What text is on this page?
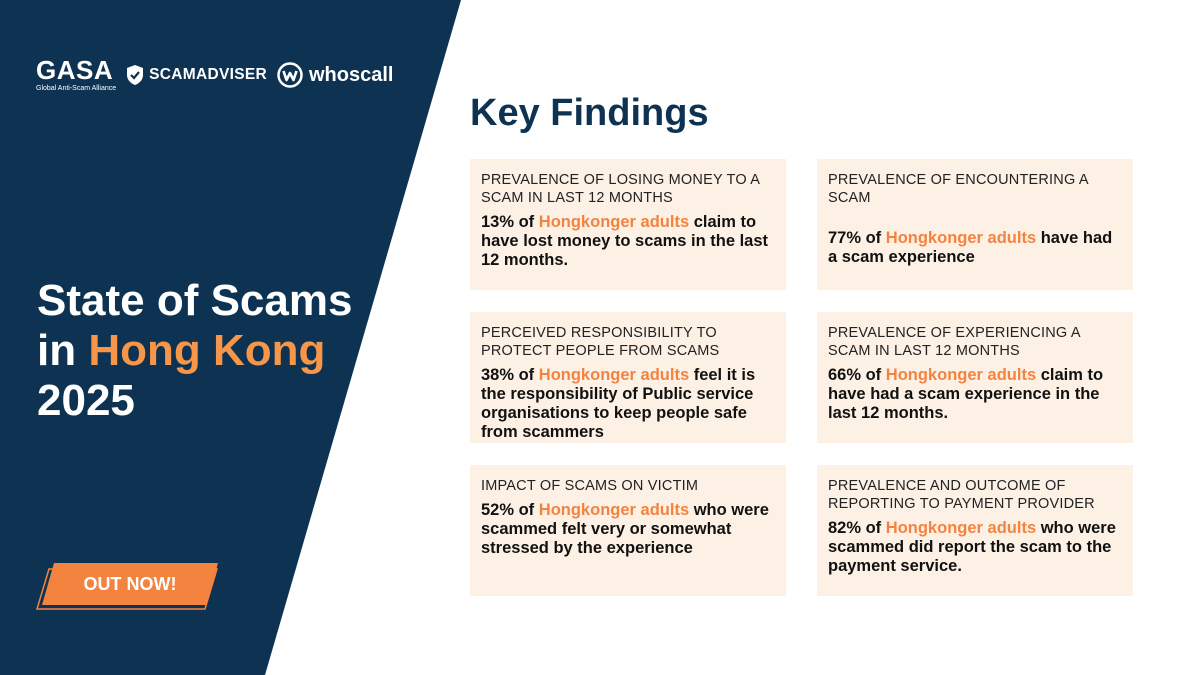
GASA
Global Anti-Scam Alliance
SCAMADVISER whoscall
State of Scams
in Hong Kong
2025
OUT NOW!
Key Findings

PREVALENCE OF LOSING MONEY TO A SCAM IN LAST 12 MONTHS

13% of Hongkonger adults claim to have lost money to scams in the last 12 months.

PREVALENCE OF ENCOUNTERING A SCAM

77% of Hongkonger adults have had a scam experience

PERCEIVED RESPONSIBILITY TO PROTECT PEOPLE FROM SCAMS

38% of Hongkonger adults feel it is the responsibility of Public service organisations to keep people safe from scammers

PREVALENCE OF EXPERIENCING A SCAM IN LAST 12 MONTHS

66% of Hongkonger adults claim to have had a scam experience in the last 12 months.

IMPACT OF SCAMS ON VICTIM

52% of Hongkonger adults who were scammed felt very or somewhat stressed by the experience

PREVALENCE AND OUTCOME OF REPORTING TO PAYMENT PROVIDER

82% of Hongkonger adults who were scammed did report the scam to the payment service.
